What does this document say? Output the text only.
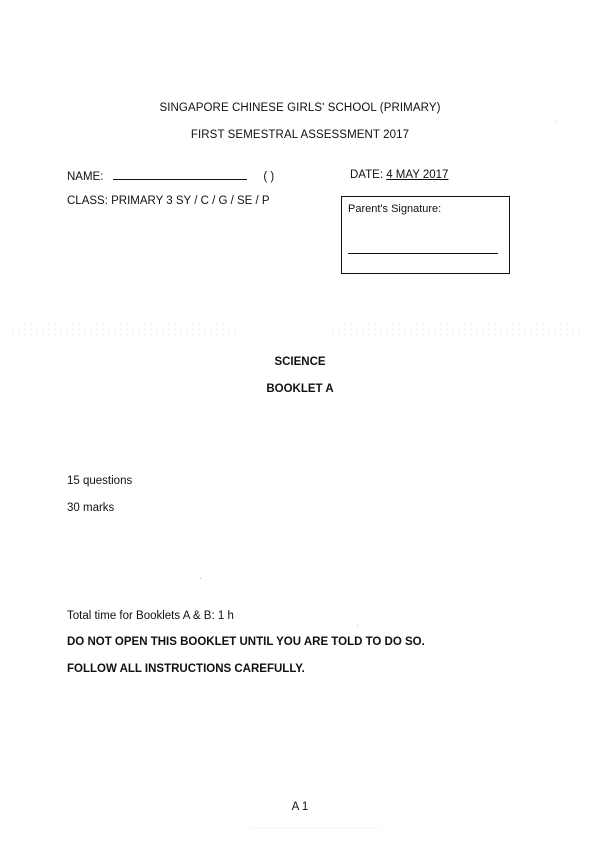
SINGAPORE CHINESE GIRLS' SCHOOL (PRIMARY)
FIRST SEMESTRAL ASSESSMENT 2017
NAME:	( )	DATE: 4 MAY 2017
CLASS: PRIMARY 3 SY / C / G / SE / P
Parent's Signature:
SCIENCE
BOOKLET A
15 questions
30 marks
Total time for Booklets A & B: 1 h
DO NOT OPEN THIS BOOKLET UNTIL YOU ARE TOLD TO DO SO.
FOLLOW ALL INSTRUCTIONS CAREFULLY.
A 1
